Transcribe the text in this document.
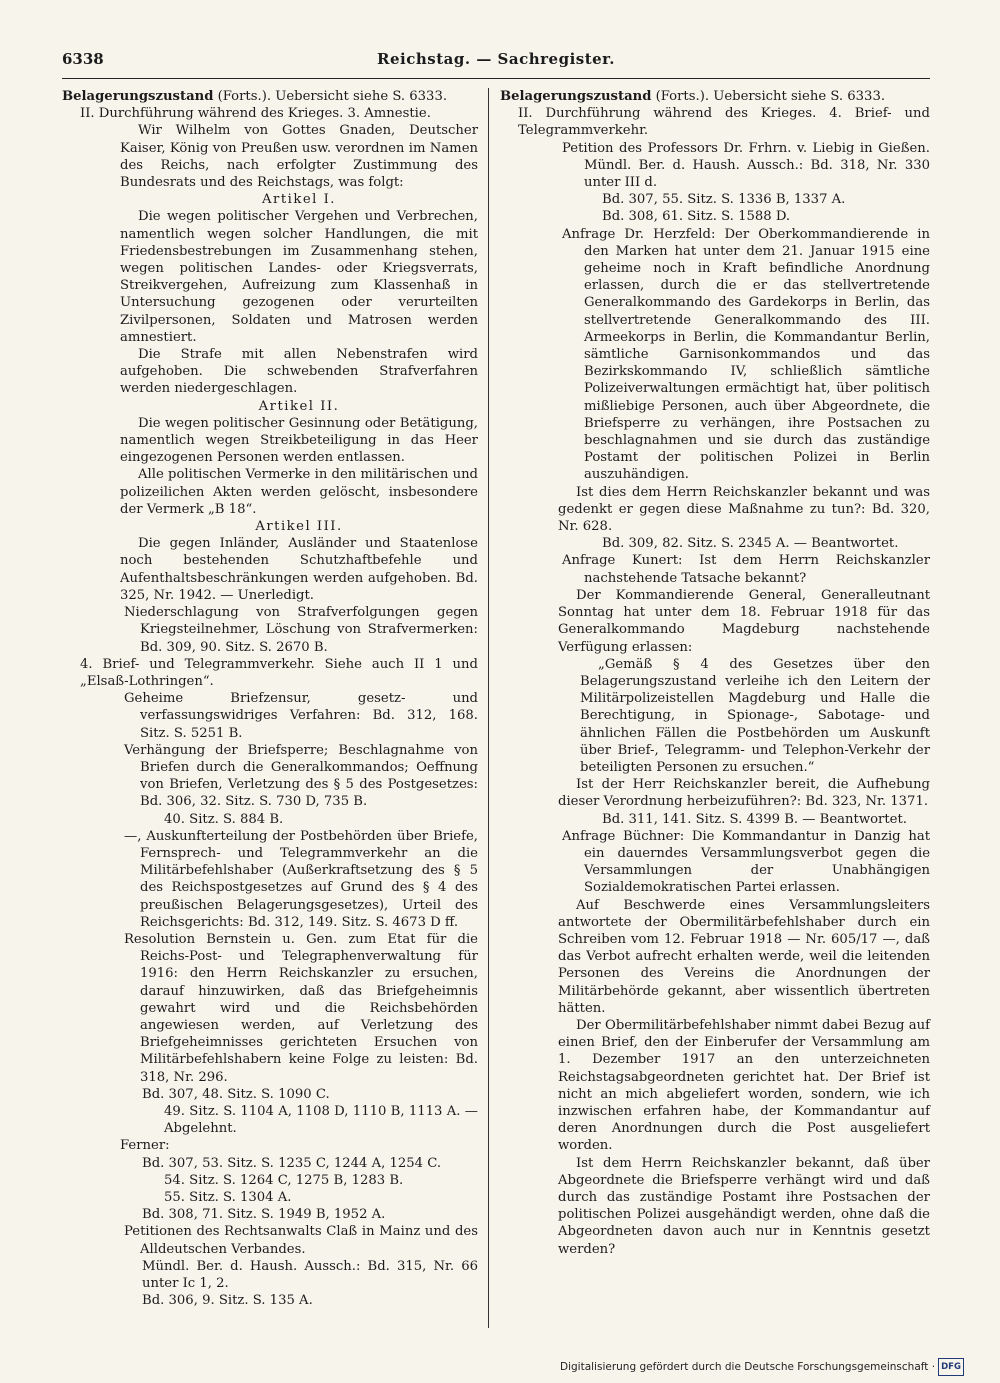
6338	Reichstag. — Sachregister.

Belagerungszustand (Forts.). Uebersicht siehe S. 6333.

II. Durchführung während des Krieges. 3. Amnestie.

Wir Wilhelm von Gottes Gnaden, Deutscher Kaiser, König von Preußen usw. verordnen im Namen des Reichs, nach erfolgter Zustimmung des Bundesrats und des Reichstags, was folgt:

Artikel I.

Die wegen politischer Vergehen und Verbrechen, namentlich wegen solcher Handlungen, die mit Friedensbestrebungen im Zusammenhang stehen, wegen politischen Landes- oder Kriegsverrats, Streikvergehen, Aufreizung zum Klassenhaß in Untersuchung gezogenen oder verurteilten Zivilpersonen, Soldaten und Matrosen werden amnestiert.

Die Strafe mit allen Nebenstrafen wird aufgehoben. Die schwebenden Strafverfahren werden niedergeschlagen.

Artikel II.

Die wegen politischer Gesinnung oder Betätigung, namentlich wegen Streikbeteiligung in das Heer eingezogenen Personen werden entlassen.

Alle politischen Vermerke in den militärischen und polizeilichen Akten werden gelöscht, insbesondere der Vermerk „B 18“.

Artikel III.

Die gegen Inländer, Ausländer und Staatenlose noch bestehenden Schutzhaftbefehle und Aufenthaltsbeschränkungen werden aufgehoben. Bd. 325, Nr. 1942. — Unerledigt.

Niederschlagung von Strafverfolgungen gegen Kriegsteilnehmer, Löschung von Strafvermerken: Bd. 309, 90. Sitz. S. 2670 B.

4. Brief- und Telegrammverkehr. Siehe auch II 1 und „Elsaß-Lothringen“.

Geheime Briefzensur, gesetz- und verfassungswidriges Verfahren: Bd. 312, 168. Sitz. S. 5251 B.

Verhängung der Briefsperre; Beschlagnahme von Briefen durch die Generalkommandos; Oeffnung von Briefen, Verletzung des § 5 des Postgesetzes: Bd. 306, 32. Sitz. S. 730 D, 735 B.

40. Sitz. S. 884 B.

—, Auskunfterteilung der Postbehörden über Briefe, Fernsprech- und Telegrammverkehr an die Militärbefehlshaber (Außerkraftsetzung des § 5 des Reichspostgesetzes auf Grund des § 4 des preußischen Belagerungsgesetzes), Urteil des Reichsgerichts: Bd. 312, 149. Sitz. S. 4673 D ff.

Resolution Bernstein u. Gen. zum Etat für die Reichs-Post- und Telegraphenverwaltung für 1916: den Herrn Reichskanzler zu ersuchen, darauf hinzuwirken, daß das Briefgeheimnis gewahrt wird und die Reichsbehörden angewiesen werden, auf Verletzung des Briefgeheimnisses gerichteten Ersuchen von Militärbefehlshabern keine Folge zu leisten: Bd. 318, Nr. 296.

Bd. 307, 48. Sitz. S. 1090 C.

49. Sitz. S. 1104 A, 1108 D, 1110 B, 1113 A. — Abgelehnt.

Ferner:

Bd. 307, 53. Sitz. S. 1235 C, 1244 A, 1254 C.

54. Sitz. S. 1264 C, 1275 B, 1283 B.

55. Sitz. S. 1304 A.

Bd. 308, 71. Sitz. S. 1949 B, 1952 A.

Petitionen des Rechtsanwalts Claß in Mainz und des Alldeutschen Verbandes.

Mündl. Ber. d. Haush. Aussch.: Bd. 315, Nr. 66 unter Ic 1, 2.

Bd. 306, 9. Sitz. S. 135 A.

Belagerungszustand (Forts.). Uebersicht siehe S. 6333.

II. Durchführung während des Krieges. 4. Brief- und Telegrammverkehr.

Petition des Professors Dr. Frhrn. v. Liebig in Gießen. Mündl. Ber. d. Haush. Aussch.: Bd. 318, Nr. 330 unter III d.

Bd. 307, 55. Sitz. S. 1336 B, 1337 A.

Bd. 308, 61. Sitz. S. 1588 D.

Anfrage Dr. Herzfeld: Der Oberkommandierende in den Marken hat unter dem 21. Januar 1915 eine geheime noch in Kraft befindliche Anordnung erlassen, durch die er das stellvertretende Generalkommando des Gardekorps in Berlin, das stellvertretende Generalkommando des III. Armeekorps in Berlin, die Kommandantur Berlin, sämtliche Garnisonkommandos und das Bezirkskommando IV, schließlich sämtliche Polizeiverwaltungen ermächtigt hat, über politisch mißliebige Personen, auch über Abgeordnete, die Briefsperre zu verhängen, ihre Postsachen zu beschlagnahmen und sie durch das zuständige Postamt der politischen Polizei in Berlin auszuhändigen.

Ist dies dem Herrn Reichskanzler bekannt und was gedenkt er gegen diese Maßnahme zu tun?: Bd. 320, Nr. 628.

Bd. 309, 82. Sitz. S. 2345 A. — Beantwortet.

Anfrage Kunert: Ist dem Herrn Reichskanzler nachstehende Tatsache bekannt?

Der Kommandierende General, Generalleutnant Sonntag hat unter dem 18. Februar 1918 für das Generalkommando Magdeburg nachstehende Verfügung erlassen:

„Gemäß § 4 des Gesetzes über den Belagerungszustand verleihe ich den Leitern der Militärpolizeistellen Magdeburg und Halle die Berechtigung, in Spionage-, Sabotage- und ähnlichen Fällen die Postbehörden um Auskunft über Brief-, Telegramm- und Telephon-Verkehr der beteiligten Personen zu ersuchen.“

Ist der Herr Reichskanzler bereit, die Aufhebung dieser Verordnung herbeizuführen?: Bd. 323, Nr. 1371.

Bd. 311, 141. Sitz. S. 4399 B. — Beantwortet.

Anfrage Büchner: Die Kommandantur in Danzig hat ein dauerndes Versammlungsverbot gegen die Versammlungen der Unabhängigen Sozialdemokratischen Partei erlassen.

Auf Beschwerde eines Versammlungsleiters antwortete der Obermilitärbefehlshaber durch ein Schreiben vom 12. Februar 1918 — Nr. 605/17 —, daß das Verbot aufrecht erhalten werde, weil die leitenden Personen des Vereins die Anordnungen der Militärbehörde gekannt, aber wissentlich übertreten hätten.

Der Obermilitärbefehlshaber nimmt dabei Bezug auf einen Brief, den der Einberufer der Versammlung am 1. Dezember 1917 an den unterzeichneten Reichstagsabgeordneten gerichtet hat. Der Brief ist nicht an mich abgeliefert worden, sondern, wie ich inzwischen erfahren habe, der Kommandantur auf deren Anordnungen durch die Post ausgeliefert worden.

Ist dem Herrn Reichskanzler bekannt, daß über Abgeordnete die Briefsperre verhängt wird und daß durch das zuständige Postamt ihre Postsachen der politischen Polizei ausgehändigt werden, ohne daß die Abgeordneten davon auch nur in Kenntnis gesetzt werden?

Digitalisierung gefördert durch die Deutsche Forschungsgemeinschaft · DFG
